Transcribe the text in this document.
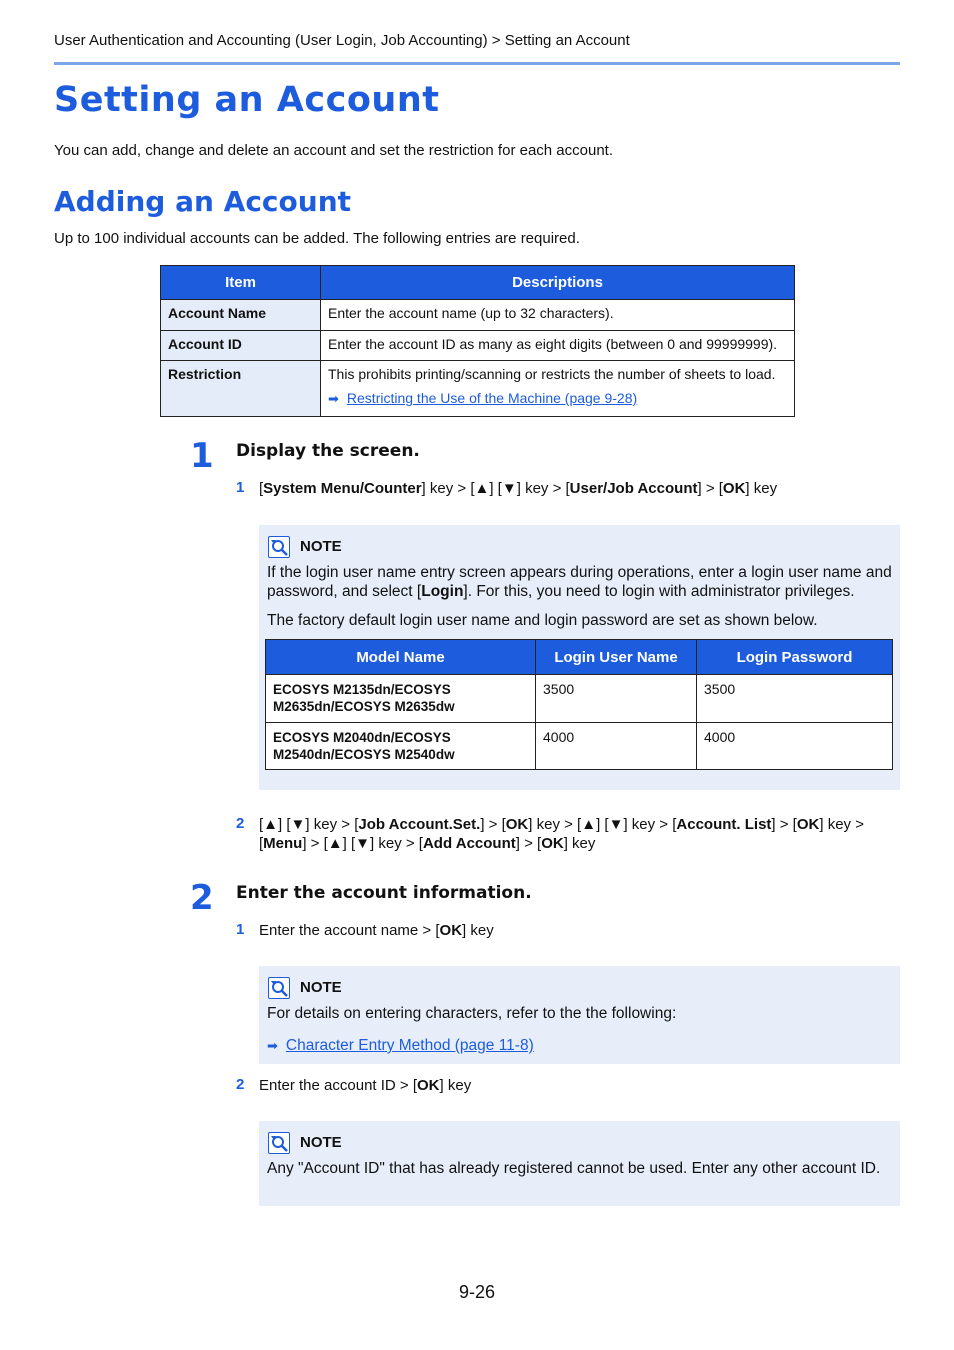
User Authentication and Accounting (User Login, Job Accounting) > Setting an Account
Setting an Account
You can add, change and delete an account and set the restriction for each account.
Adding an Account
Up to 100 individual accounts can be added. The following entries are required.
Item	Descriptions
Account Name	Enter the account name (up to 32 characters).
Account ID	Enter the account ID as many as eight digits (between 0 and 99999999).
Restriction	This prohibits printing/scanning or restricts the number of sheets to load.
➡ Restricting the Use of the Machine (page 9-28)
1 Display the screen.
1 [System Menu/Counter] key > [▲] [▼] key > [User/Job Account] > [OK] key
NOTE
If the login user name entry screen appears during operations, enter a login user name and password, and select [Login]. For this, you need to login with administrator privileges.
The factory default login user name and login password are set as shown below.
Model Name	Login User Name	Login Password
ECOSYS M2135dn/ECOSYS M2635dn/ECOSYS M2635dw	3500	3500
ECOSYS M2040dn/ECOSYS M2540dn/ECOSYS M2540dw	4000	4000
2 [▲] [▼] key > [Job Account.Set.] > [OK] key > [▲] [▼] key > [Account. List] > [OK] key > [Menu] > [▲] [▼] key > [Add Account] > [OK] key
2 Enter the account information.
1 Enter the account name > [OK] key
NOTE
For details on entering characters, refer to the the following:
➡ Character Entry Method (page 11-8)
2 Enter the account ID > [OK] key
NOTE
Any "Account ID" that has already registered cannot be used. Enter any other account ID.
9-26
